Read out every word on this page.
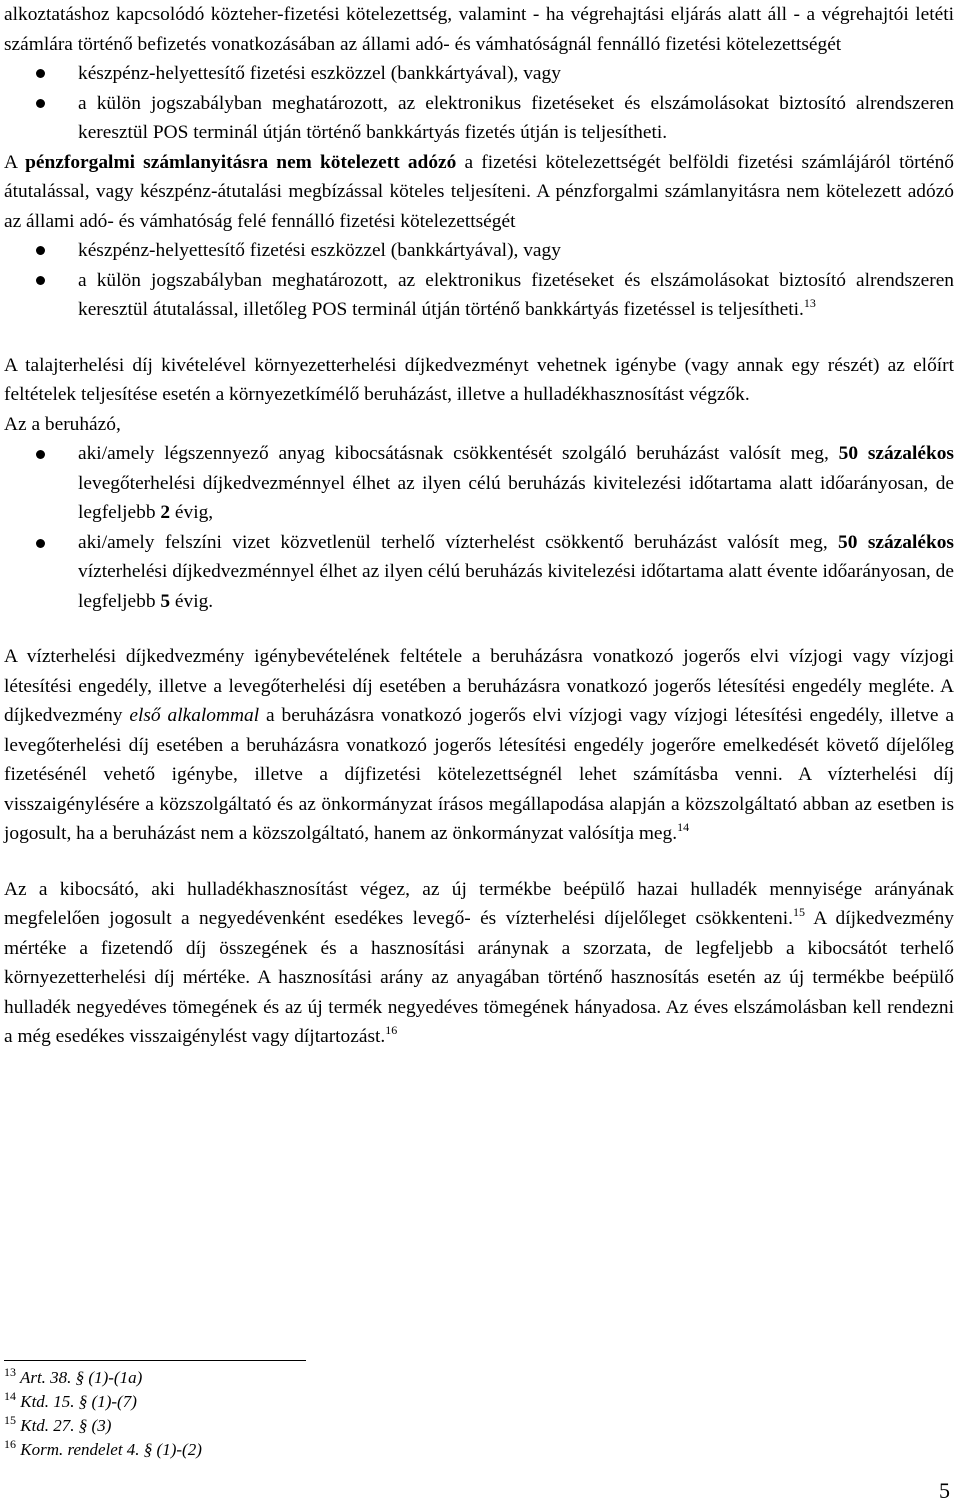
alkoztatáshoz kapcsolódó közteher-fizetési kötelezettség, valamint - ha végrehajtási eljárás alatt áll - a végrehajtói letéti számlára történő befizetés vonatkozásában az állami adó- és vámhatóságnál fennálló fizetési kötelezettségét

készpénz-helyettesítő fizetési eszközzel (bankkártyával), vagy
a külön jogszabályban meghatározott, az elektronikus fizetéseket és elszámolásokat biztosító alrendszeren keresztül POS terminál útján történő bankkártyás fizetés útján is teljesítheti.

A pénzforgalmi számlanyitásra nem kötelezett adózó a fizetési kötelezettségét belföldi fizetési számlájáról történő átutalással, vagy készpénz-átutalási megbízással köteles teljesíteni. A pénzforgalmi számlanyitásra nem kötelezett adózó az állami adó- és vámhatóság felé fennálló fizetési kötelezettségét

készpénz-helyettesítő fizetési eszközzel (bankkártyával), vagy
a külön jogszabályban meghatározott, az elektronikus fizetéseket és elszámolásokat biztosító alrendszeren keresztül átutalással, illetőleg POS terminál útján történő bankkártyás fizetéssel is teljesítheti.$^{13}$

A talajterhelési díj kivételével környezetterhelési díjkedvezményt vehetnek igénybe (vagy annak egy részét) az előírt feltételek teljesítése esetén a környezetkímélő beruházást, illetve a hulladékhasznosítást végzők.

Az a beruházó,

aki/amely légszennyező anyag kibocsátásnak csökkentését szolgáló beruházást valósít meg, 50 százalékos levegőterhelési díjkedvezménnyel élhet az ilyen célú beruházás kivitelezési időtartama alatt időarányosan, de legfeljebb 2 évig,
aki/amely felszíni vizet közvetlenül terhelő vízterhelést csökkentő beruházást valósít meg, 50 százalékos vízterhelési díjkedvezménnyel élhet az ilyen célú beruházás kivitelezési időtartama alatt évente időarányosan, de legfeljebb 5 évig.

A vízterhelési díjkedvezmény igénybevételének feltétele a beruházásra vonatkozó jogerős elvi vízjogi vagy vízjogi létesítési engedély, illetve a levegőterhelési díj esetében a beruházásra vonatkozó jogerős létesítési engedély megléte. A díjkedvezmény első alkalommal a beruházásra vonatkozó jogerős elvi vízjogi vagy vízjogi létesítési engedély, illetve a levegőterhelési díj esetében a beruházásra vonatkozó jogerős létesítési engedély jogerőre emelkedését követő díjelőleg fizetésénél vehető igénybe, illetve a díjfizetési kötelezettségnél lehet számításba venni. A vízterhelési díj visszaigénylésére a közszolgáltató és az önkormányzat írásos megállapodása alapján a közszolgáltató abban az esetben is jogosult, ha a beruházást nem a közszolgáltató, hanem az önkormányzat valósítja meg.$^{14}$

Az a kibocsátó, aki hulladékhasznosítást végez, az új termékbe beépülő hazai hulladék mennyisége arányának megfelelően jogosult a negyedévenként esedékes levegő- és vízterhelési díjelőleget csökkenteni.$^{15}$ A díjkedvezmény mértéke a fizetendő díj összegének és a hasznosítási aránynak a szorzata, de legfeljebb a kibocsátót terhelő környezetterhelési díj mértéke. A hasznosítási arány az anyagában történő hasznosítás esetén az új termékbe beépülő hulladék negyedéves tömegének és az új termék negyedéves tömegének hányadosa. Az éves elszámolásban kell rendezni a még esedékes visszaigénylést vagy díjtartozást.$^{16}$

$^{13}$ Art. 38. § (1)-(1a)
$^{14}$ Ktd. 15. § (1)-(7)
$^{15}$ Ktd. 27. § (3)
$^{16}$ Korm. rendelet 4. § (1)-(2)
5
